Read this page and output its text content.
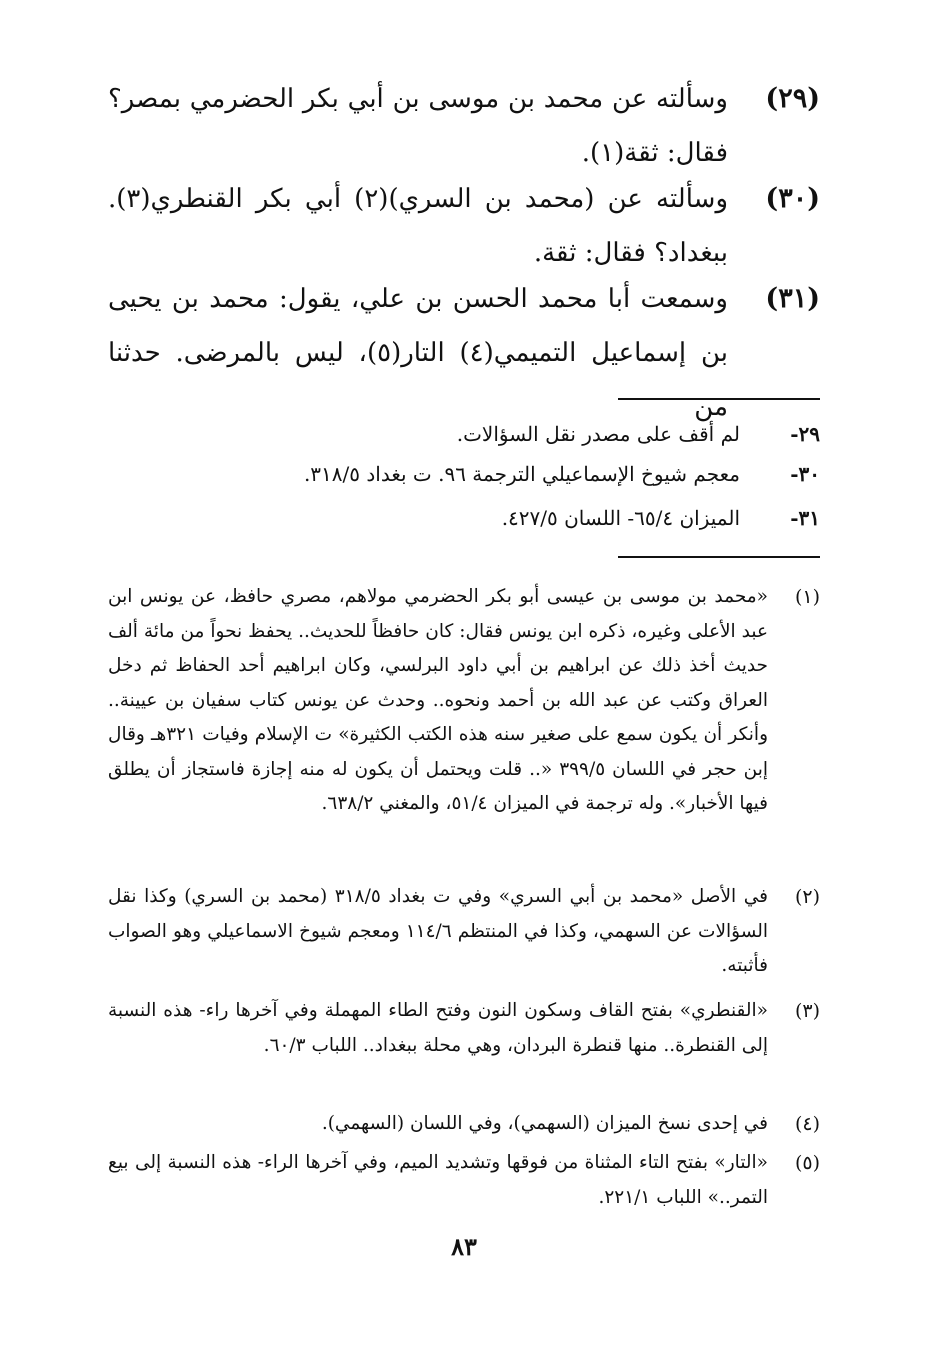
(٢٩)
وسألته عن محمد بن موسى بن أبي بكر الحضرمي بمصر؟ فقال: ثقة(١).
(٣٠)
وسألته عن (محمد بن السري)(٢) أبي بكر القنطري(٣). ببغداد؟ فقال: ثقة.
(٣١)
وسمعت أبا محمد الحسن بن علي، يقول: محمد بن يحيى بن إسماعيل التميمي(٤) التار(٥)، ليس بالمرضى. حدثنا من
٢٩-
لم أقف على مصدر نقل السؤالات.
٣٠-
معجم شيوخ الإسماعيلي الترجمة ٩٦. ت بغداد ٣١٨/٥.
٣١-
الميزان ٦٥/٤- اللسان ٤٢٧/٥.
(١)
«محمد بن موسى بن عيسى أبو بكر الحضرمي مولاهم، مصري حافظ، عن يونس ابن عبد الأعلى وغيره، ذكره ابن يونس فقال: كان حافظاً للحديث.. يحفظ نحواً من مائة ألف حديث أخذ ذلك عن ابراهيم بن أبي داود البرلسي، وكان ابراهيم أحد الحفاظ ثم دخل العراق وكتب عن عبد الله بن أحمد ونحوه.. وحدث عن يونس كتاب سفيان بن عيينة.. وأنكر أن يكون سمع على صغير سنه هذه الكتب الكثيرة» ت الإسلام وفيات ٣٢١هـ وقال إبن حجر في اللسان ٣٩٩/٥ «.. قلت ويحتمل أن يكون له منه إجازة فاستجاز أن يطلق فيها الأخبار». وله ترجمة في الميزان ٥١/٤، والمغني ٦٣٨/٢.
(٢)
في الأصل «محمد بن أبي السري» وفي ت بغداد ٣١٨/٥ (محمد بن السري) وكذا نقل السؤالات عن السهمي، وكذا في المنتظم ١١٤/٦ ومعجم شيوخ الاسماعيلي وهو الصواب فأثبته.
(٣)
«القنطري» بفتح القاف وسكون النون وفتح الطاء المهملة وفي آخرها راء- هذه النسبة إلى القنطرة.. منها قنطرة البردان، وهي محلة ببغداد.. اللباب ٦٠/٣.
(٤)
في إحدى نسخ الميزان (السهمي)، وفي اللسان (السهمي).
(٥)
«التار» بفتح التاء المثناة من فوقها وتشديد الميم، وفي آخرها الراء- هذه النسبة إلى بيع التمر..» اللباب ٢٢١/١.
٨٣
